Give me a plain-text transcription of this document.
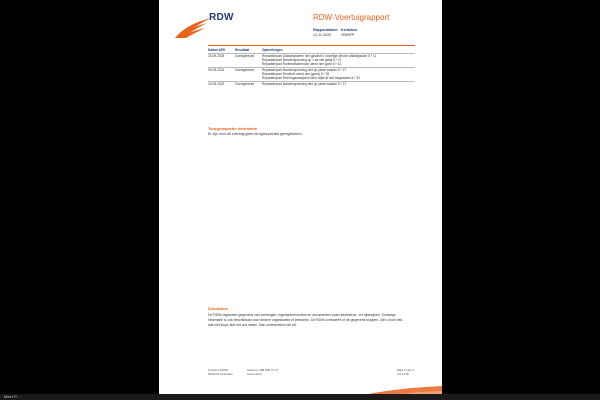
RDW	RDW-Voertuigrapport
Rapportdatum
12-11-2025
Kenteken
VB69FP
Datum APK	Resultaat	Opmerkingen
15-09-2025	Goedgekeurd	Reparatiepunt Uitlaatsysteem niet gasdicht / onveilige afvoer uitlaatgassen 5.* 11
Reparatiepunt Bandenspanning op 1 as niet gelijk 5.* 27
Reparatiepunt Ruitenwissermotor werkt niet goed 5.* 43

09-09-2024	Goedgekeurd	Reparatiepunt Bandenspanning niet op juiste waarde 5.* 27
Reparatiepunt Remlicht werkt niet (goed) 5.* 35
Reparatiepunt Richtingaanwijzers kleur wijkt af niet toegestaan 5.* 33

15-09-2023	Goedgekeurd	Reparatiepunt Bandenspanning niet op juiste waarde 5.* 27
Terugroepactie informatie
Er zijn voor dit voertuig geen terugroepacties geregistreerd.
Disclaimer
De RDW registreert gegevens van voertuigen, eigenaren/houders en documenten zoals kentekens - en rijbewijzen. Sommige informatie is ook beschikbaar voor andere organisaties of personen. De RDW controleert of de gegevens kloppen. Ziet u toch iets wat niet klopt, laat het ons weten. Dan onderzoeken we dit.
Postbus 30000
9640 RA Veendam
Telefoon 088 008 74 47
www.rdw.nl
Blad 3 van 3
2.0.1078
Meer P...
